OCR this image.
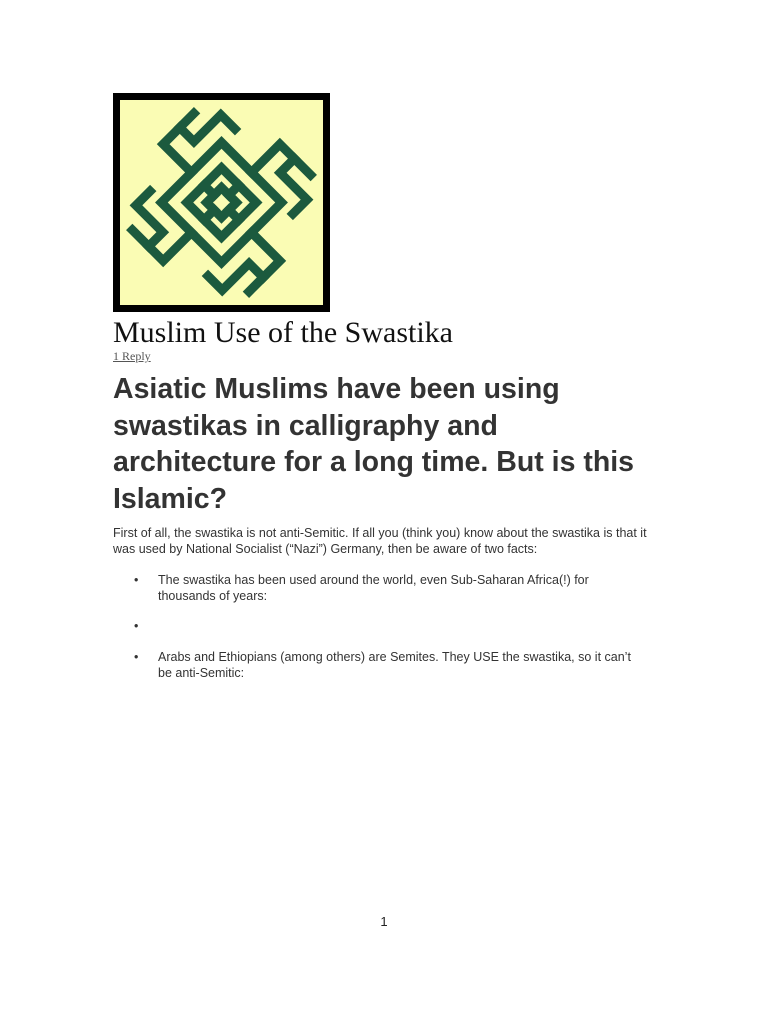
Muslim Use of the Swastika
1 Reply
Asiatic Muslims have been using swastikas in calligraphy and architecture for a long time. But is this Islamic?

First of all, the swastika is not anti-Semitic. If all you (think you) know about the swastika is that it was used by National Socialist (“Nazi”) Germany, then be aware of two facts:

• The swastika has been used around the world, even Sub-Saharan Africa(!) for thousands of years:
•
• Arabs and Ethiopians (among others) are Semites. They USE the swastika, so it can’t be anti-Semitic:
1
